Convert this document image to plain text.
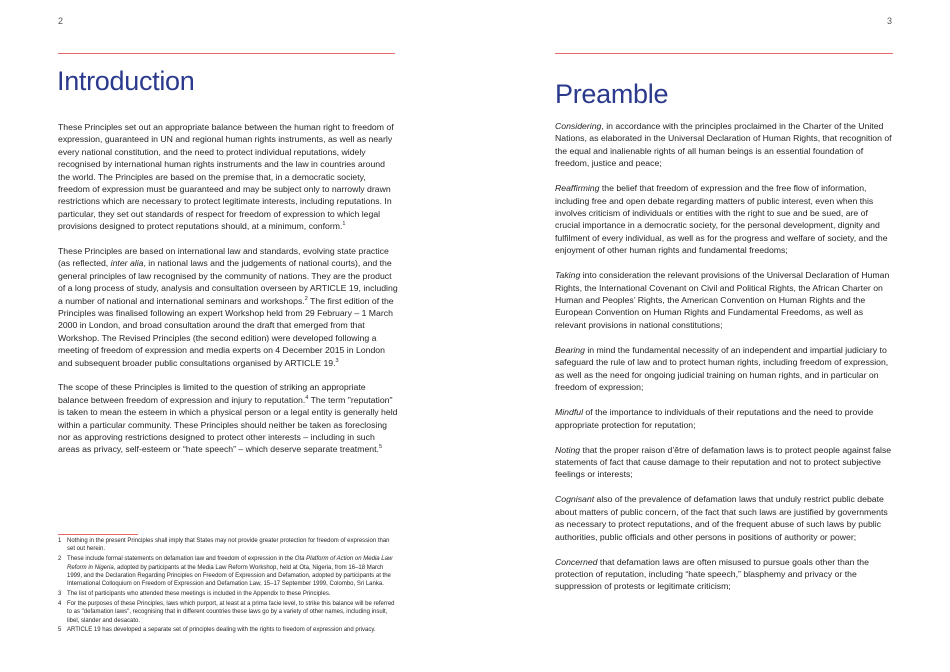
2
Introduction

These Principles set out an appropriate balance between the human right to freedom of expression, guaranteed in UN and regional human rights instruments, as well as nearly every national constitution, and the need to protect individual reputations, widely recognised by international human rights instruments and the law in countries around the world. The Principles are based on the premise that, in a democratic society, freedom of expression must be guaranteed and may be subject only to narrowly drawn restrictions which are necessary to protect legitimate interests, including reputations. In particular, they set out standards of respect for freedom of expression to which legal provisions designed to protect reputations should, at a minimum, conform.$^1$

These Principles are based on international law and standards, evolving state practice (as reflected, inter alia, in national laws and the judgements of national courts), and the general principles of law recognised by the community of nations. They are the product of a long process of study, analysis and consultation overseen by ARTICLE 19, including a number of national and international seminars and workshops.$^2$ The first edition of the Principles was finalised following an expert Workshop held from 29 February – 1 March 2000 in London, and broad consultation around the draft that emerged from that Workshop. The Revised Principles (the second edition) were developed following a meeting of freedom of expression and media experts on 4 December 2015 in London and subsequent broader public consultations organised by ARTICLE 19.$^3$

The scope of these Principles is limited to the question of striking an appropriate balance between freedom of expression and injury to reputation.$^4$ The term "reputation" is taken to mean the esteem in which a physical person or a legal entity is generally held within a particular community. These Principles should neither be taken as foreclosing nor as approving restrictions designed to protect other interests – including in such areas as privacy, self-esteem or “hate speech” – which deserve separate treatment.$^5$

1 Nothing in the present Principles shall imply that States may not provide greater protection for freedom of expression than set out herein.
2 These include formal statements on defamation law and freedom of expression in the Ota Platform of Action on Media Law Reform in Nigeria, adopted by participants at the Media Law Reform Workshop, held at Ota, Nigeria, from 16–18 March 1999, and the Declaration Regarding Principles on Freedom of Expression and Defamation, adopted by participants at the International Colloquium on Freedom of Expression and Defamation Law, 15–17 September 1999, Colombo, Sri Lanka.
3 The list of participants who attended these meetings is included in the Appendix to these Principles.
4 For the purposes of these Principles, laws which purport, at least at a prima facie level, to strike this balance will be referred to as "defamation laws", recognising that in different countries these laws go by a variety of other names, including insult, libel, slander and desacato.
5 ARTICLE 19 has developed a separate set of principles dealing with the rights to freedom of expression and privacy.
3
Preamble

Considering, in accordance with the principles proclaimed in the Charter of the United Nations, as elaborated in the Universal Declaration of Human Rights, that recognition of the equal and inalienable rights of all human beings is an essential foundation of freedom, justice and peace;

Reaffirming the belief that freedom of expression and the free flow of information, including free and open debate regarding matters of public interest, even when this involves criticism of individuals or entities with the right to sue and be sued, are of crucial importance in a democratic society, for the personal development, dignity and fulfilment of every individual, as well as for the progress and welfare of society, and the enjoyment of other human rights and fundamental freedoms;

Taking into consideration the relevant provisions of the Universal Declaration of Human Rights, the International Covenant on Civil and Political Rights, the African Charter on Human and Peoples’ Rights, the American Convention on Human Rights and the European Convention on Human Rights and Fundamental Freedoms, as well as relevant provisions in national constitutions;

Bearing in mind the fundamental necessity of an independent and impartial judiciary to safeguard the rule of law and to protect human rights, including freedom of expression, as well as the need for ongoing judicial training on human rights, and in particular on freedom of expression;

Mindful of the importance to individuals of their reputations and the need to provide appropriate protection for reputation;

Noting that the proper raison d’être of defamation laws is to protect people against false statements of fact that cause damage to their reputation and not to protect subjective feelings or interests;

Cognisant also of the prevalence of defamation laws that unduly restrict public debate about matters of public concern, of the fact that such laws are justified by governments as necessary to protect reputations, and of the frequent abuse of such laws by public authorities, public officials and other persons in positions of authority or power;

Concerned that defamation laws are often misused to pursue goals other than the protection of reputation, including “hate speech,” blasphemy and privacy or the suppression of protests or legitimate criticism;
